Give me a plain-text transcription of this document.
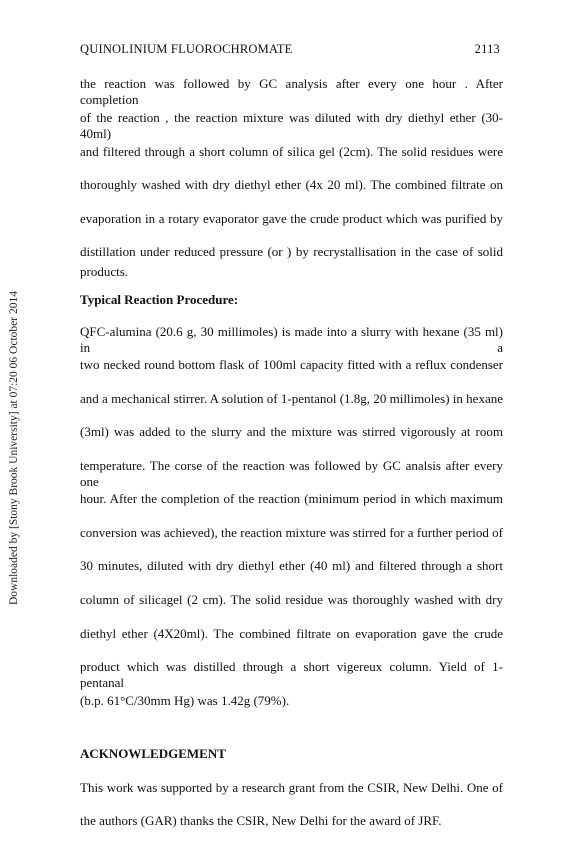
QUINOLINIUM FLUOROCHROMATE	2113
Downloaded by [Stony Brook University] at 07:20 06 October 2014
the reaction was followed by GC analysis after every one hour . After completion
of the reaction , the reaction mixture was diluted with dry diethyl ether (30-40ml)
and filtered through a short column of silica gel (2cm). The solid residues were
thoroughly washed with dry diethyl ether (4x 20 ml). The combined filtrate on
evaporation in a rotary evaporator gave the crude product which was purified by
distillation under reduced pressure (or ) by recrystallisation in the case of solid
products.
Typical Reaction Procedure:
QFC-alumina (20.6 g, 30 millimoles) is made into a slurry with hexane (35 ml) in a
two necked round bottom flask of 100ml capacity fitted with a reflux condenser
and a mechanical stirrer. A solution of 1-pentanol (1.8g, 20 millimoles) in hexane
(3ml) was added to the slurry and the mixture was stirred vigorously at room
temperature. The corse of the reaction was followed by GC analsis after every one
hour. After the completion of the reaction (minimum period in which maximum
conversion was achieved), the reaction mixture was stirred for a further period of
30 minutes, diluted with dry diethyl ether (40 ml) and filtered through a short
column of silicagel (2 cm). The solid residue was thoroughly washed with dry
diethyl ether (4X20ml). The combined filtrate on evaporation gave the crude
product which was distilled through a short vigereux column. Yield of 1- pentanal
(b.p. 61°C/30mm Hg) was 1.42g (79%).
ACKNOWLEDGEMENT
This work was supported by a research grant from the CSIR, New Delhi. One of
the authors (GAR) thanks the CSIR, New Delhi for the award of JRF.
